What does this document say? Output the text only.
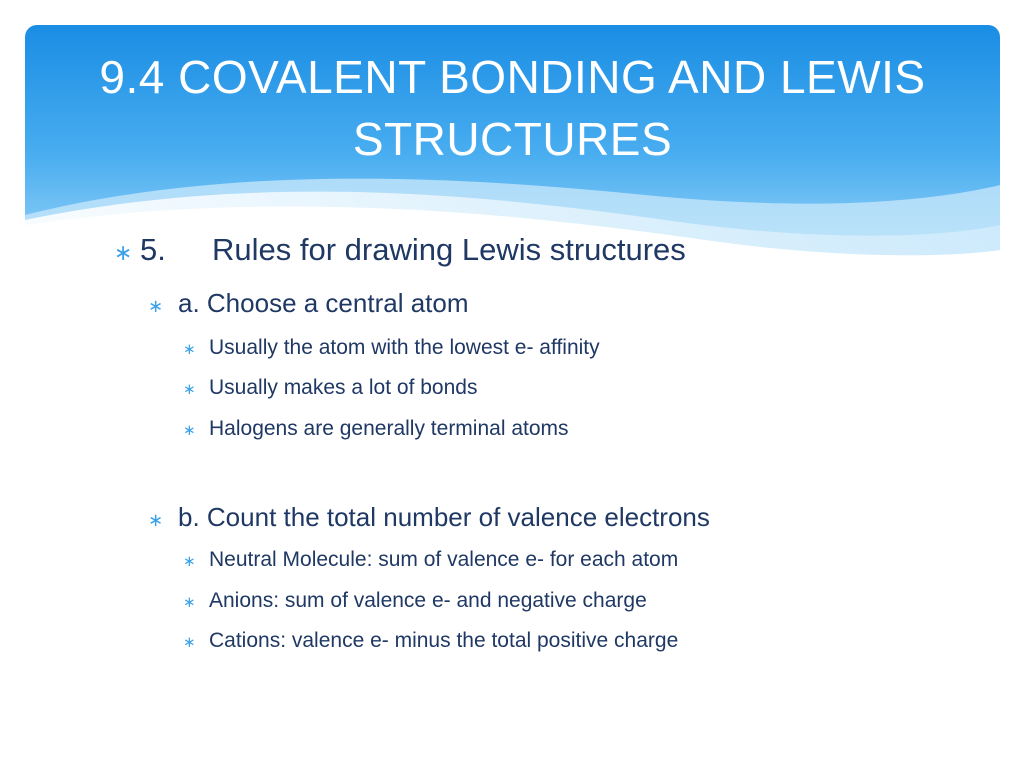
9.4 COVALENT BONDING AND LEWIS STRUCTURES
∗ 5.	Rules for drawing Lewis structures
∗ a. Choose a central atom
∗ Usually the atom with the lowest e- affinity
∗ Usually makes a lot of bonds
∗ Halogens are generally terminal atoms
∗ b. Count the total number of valence electrons
∗ Neutral Molecule: sum of valence e- for each atom
∗ Anions: sum of valence e- and negative charge
∗ Cations: valence e- minus the total positive charge
